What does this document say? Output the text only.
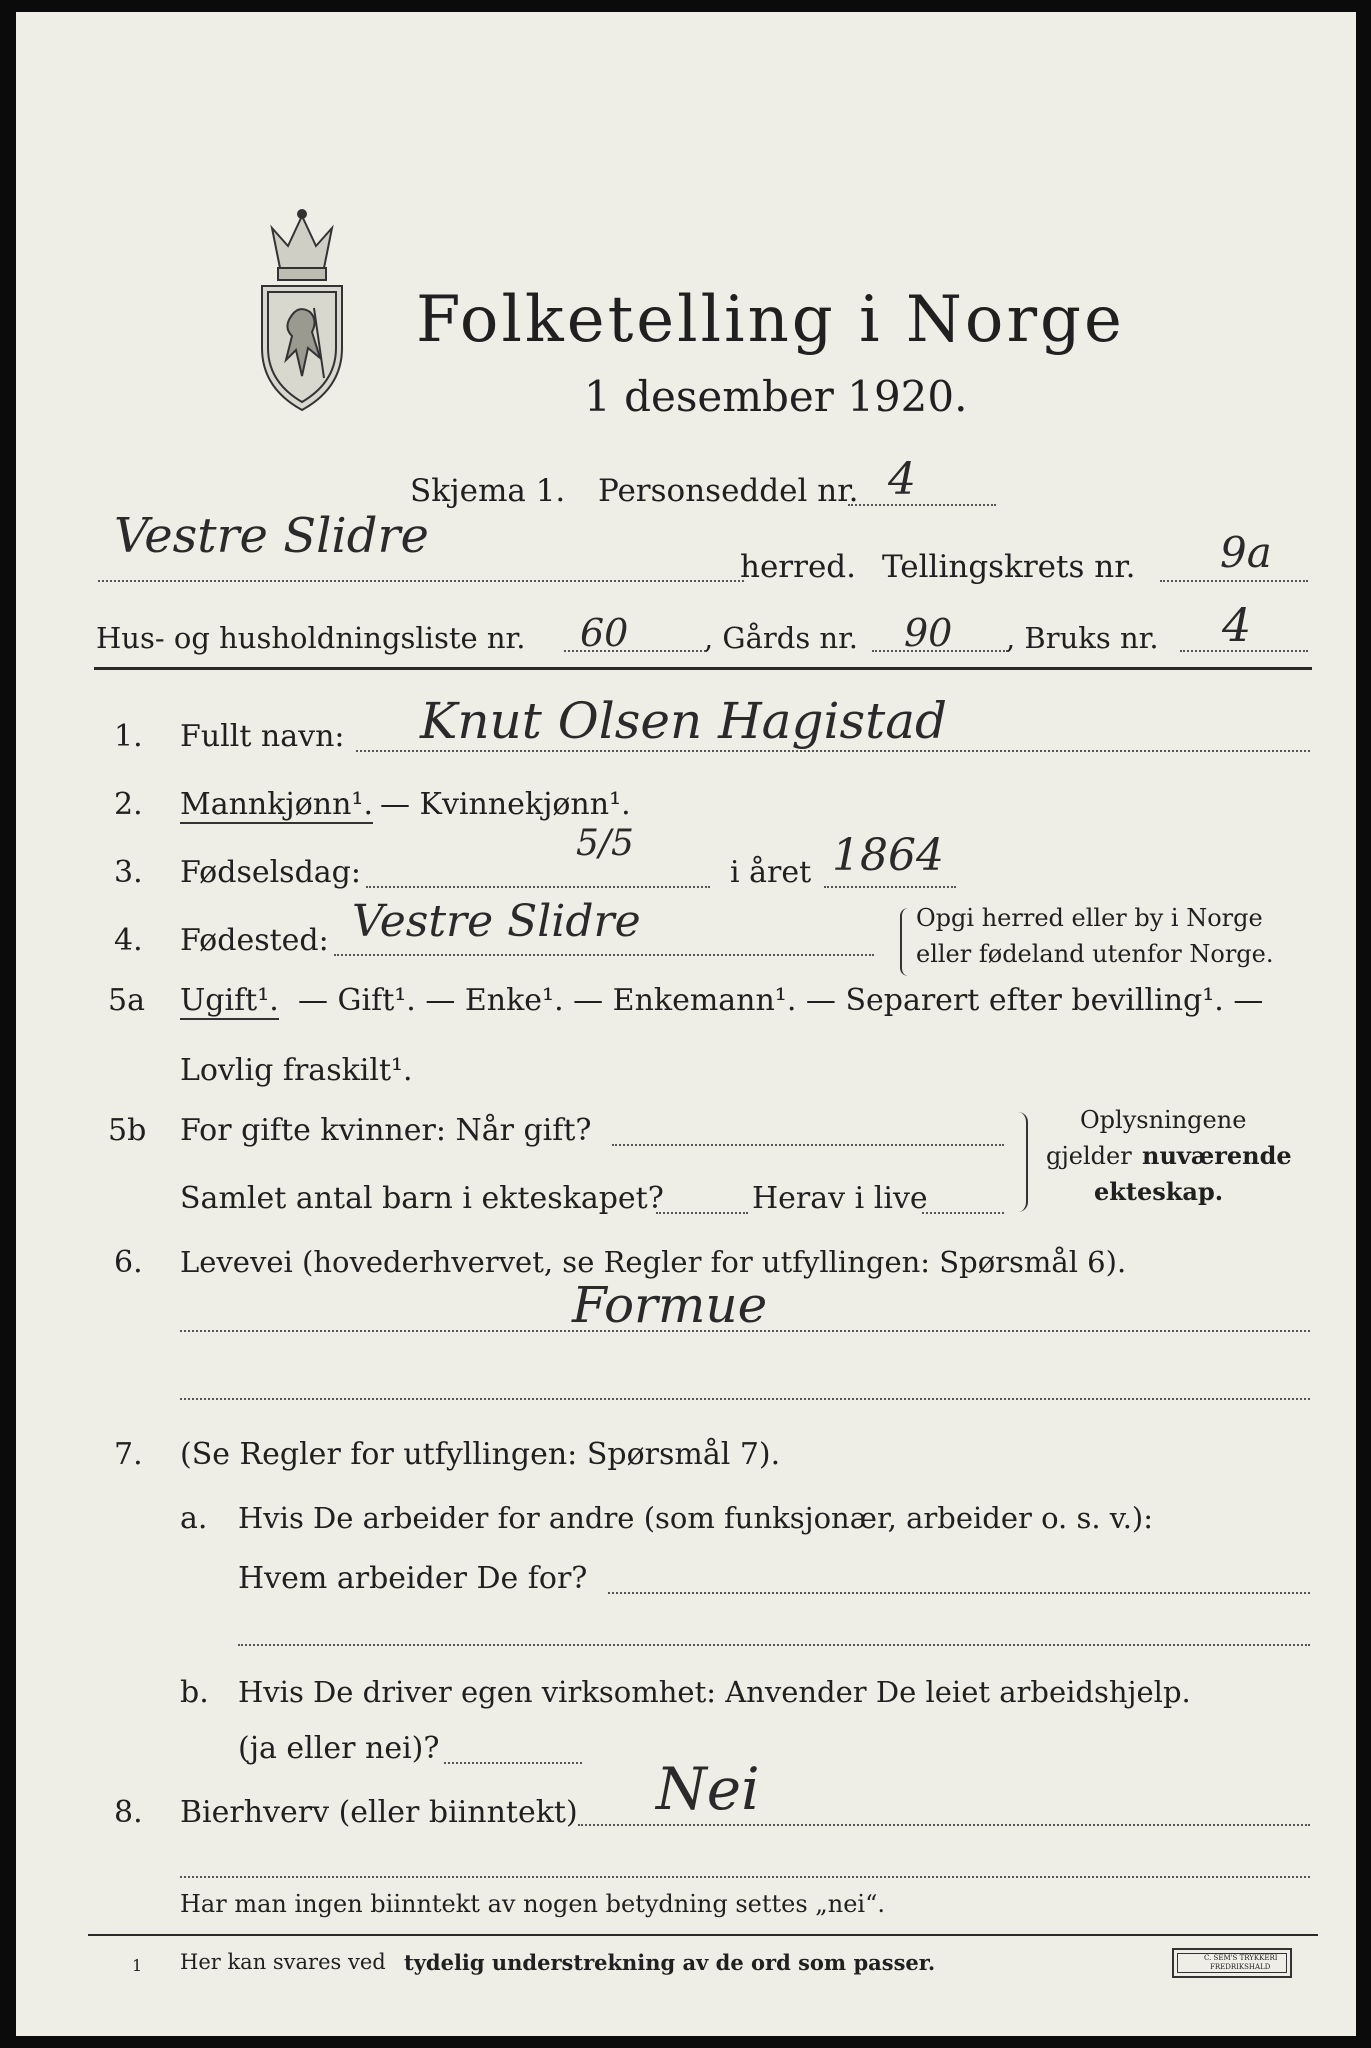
Folketelling i Norge
1 desember 1920.
Skjema 1. Personseddel nr. 4
Vestre Slidre
herred. Tellingskrets nr. 9a
Hus- og husholdningsliste nr. 60	, Gårds nr. 90 , Bruks nr. 4
1. Fullt navn: Knut Olsen Hagistad
2. Mannkjønn¹. — Kvinnekjønn¹.
3. Fødselsdag:
5/5
i året 1864
4. Fødested: Vestre Slidre	Opgi herred eller by i Norge
eller fødeland utenfor Norge.
5a Ugift¹. — Gift¹. — Enke¹. — Enkemann¹. — Separert efter bevilling¹. —
Lovlig fraskilt¹.
5b For gifte kvinner: Når gift?
Samlet antal barn i ekteskapet?	Herav i live
Oplysningene
gjelder nuværende
ekteskap.
6. Levevei (hovederhvervet, se Regler for utfyllingen: Spørsmål 6).
Formue
7. (Se Regler for utfyllingen: Spørsmål 7).
a. Hvis De arbeider for andre (som funksjonær, arbeider o. s. v.):
Hvem arbeider De for?
b. Hvis De driver egen virksomhet: Anvender De leiet arbeidshjelp.
(ja eller nei)?
8. Bierhverv (eller biinntekt) Nei
Har man ingen biinntekt av nogen betydning settes „nei“.
1 Her kan svares ved tydelig understrekning av de ord som passer.	C. SEM'S TRYKKERI
FREDRIKSHALD
